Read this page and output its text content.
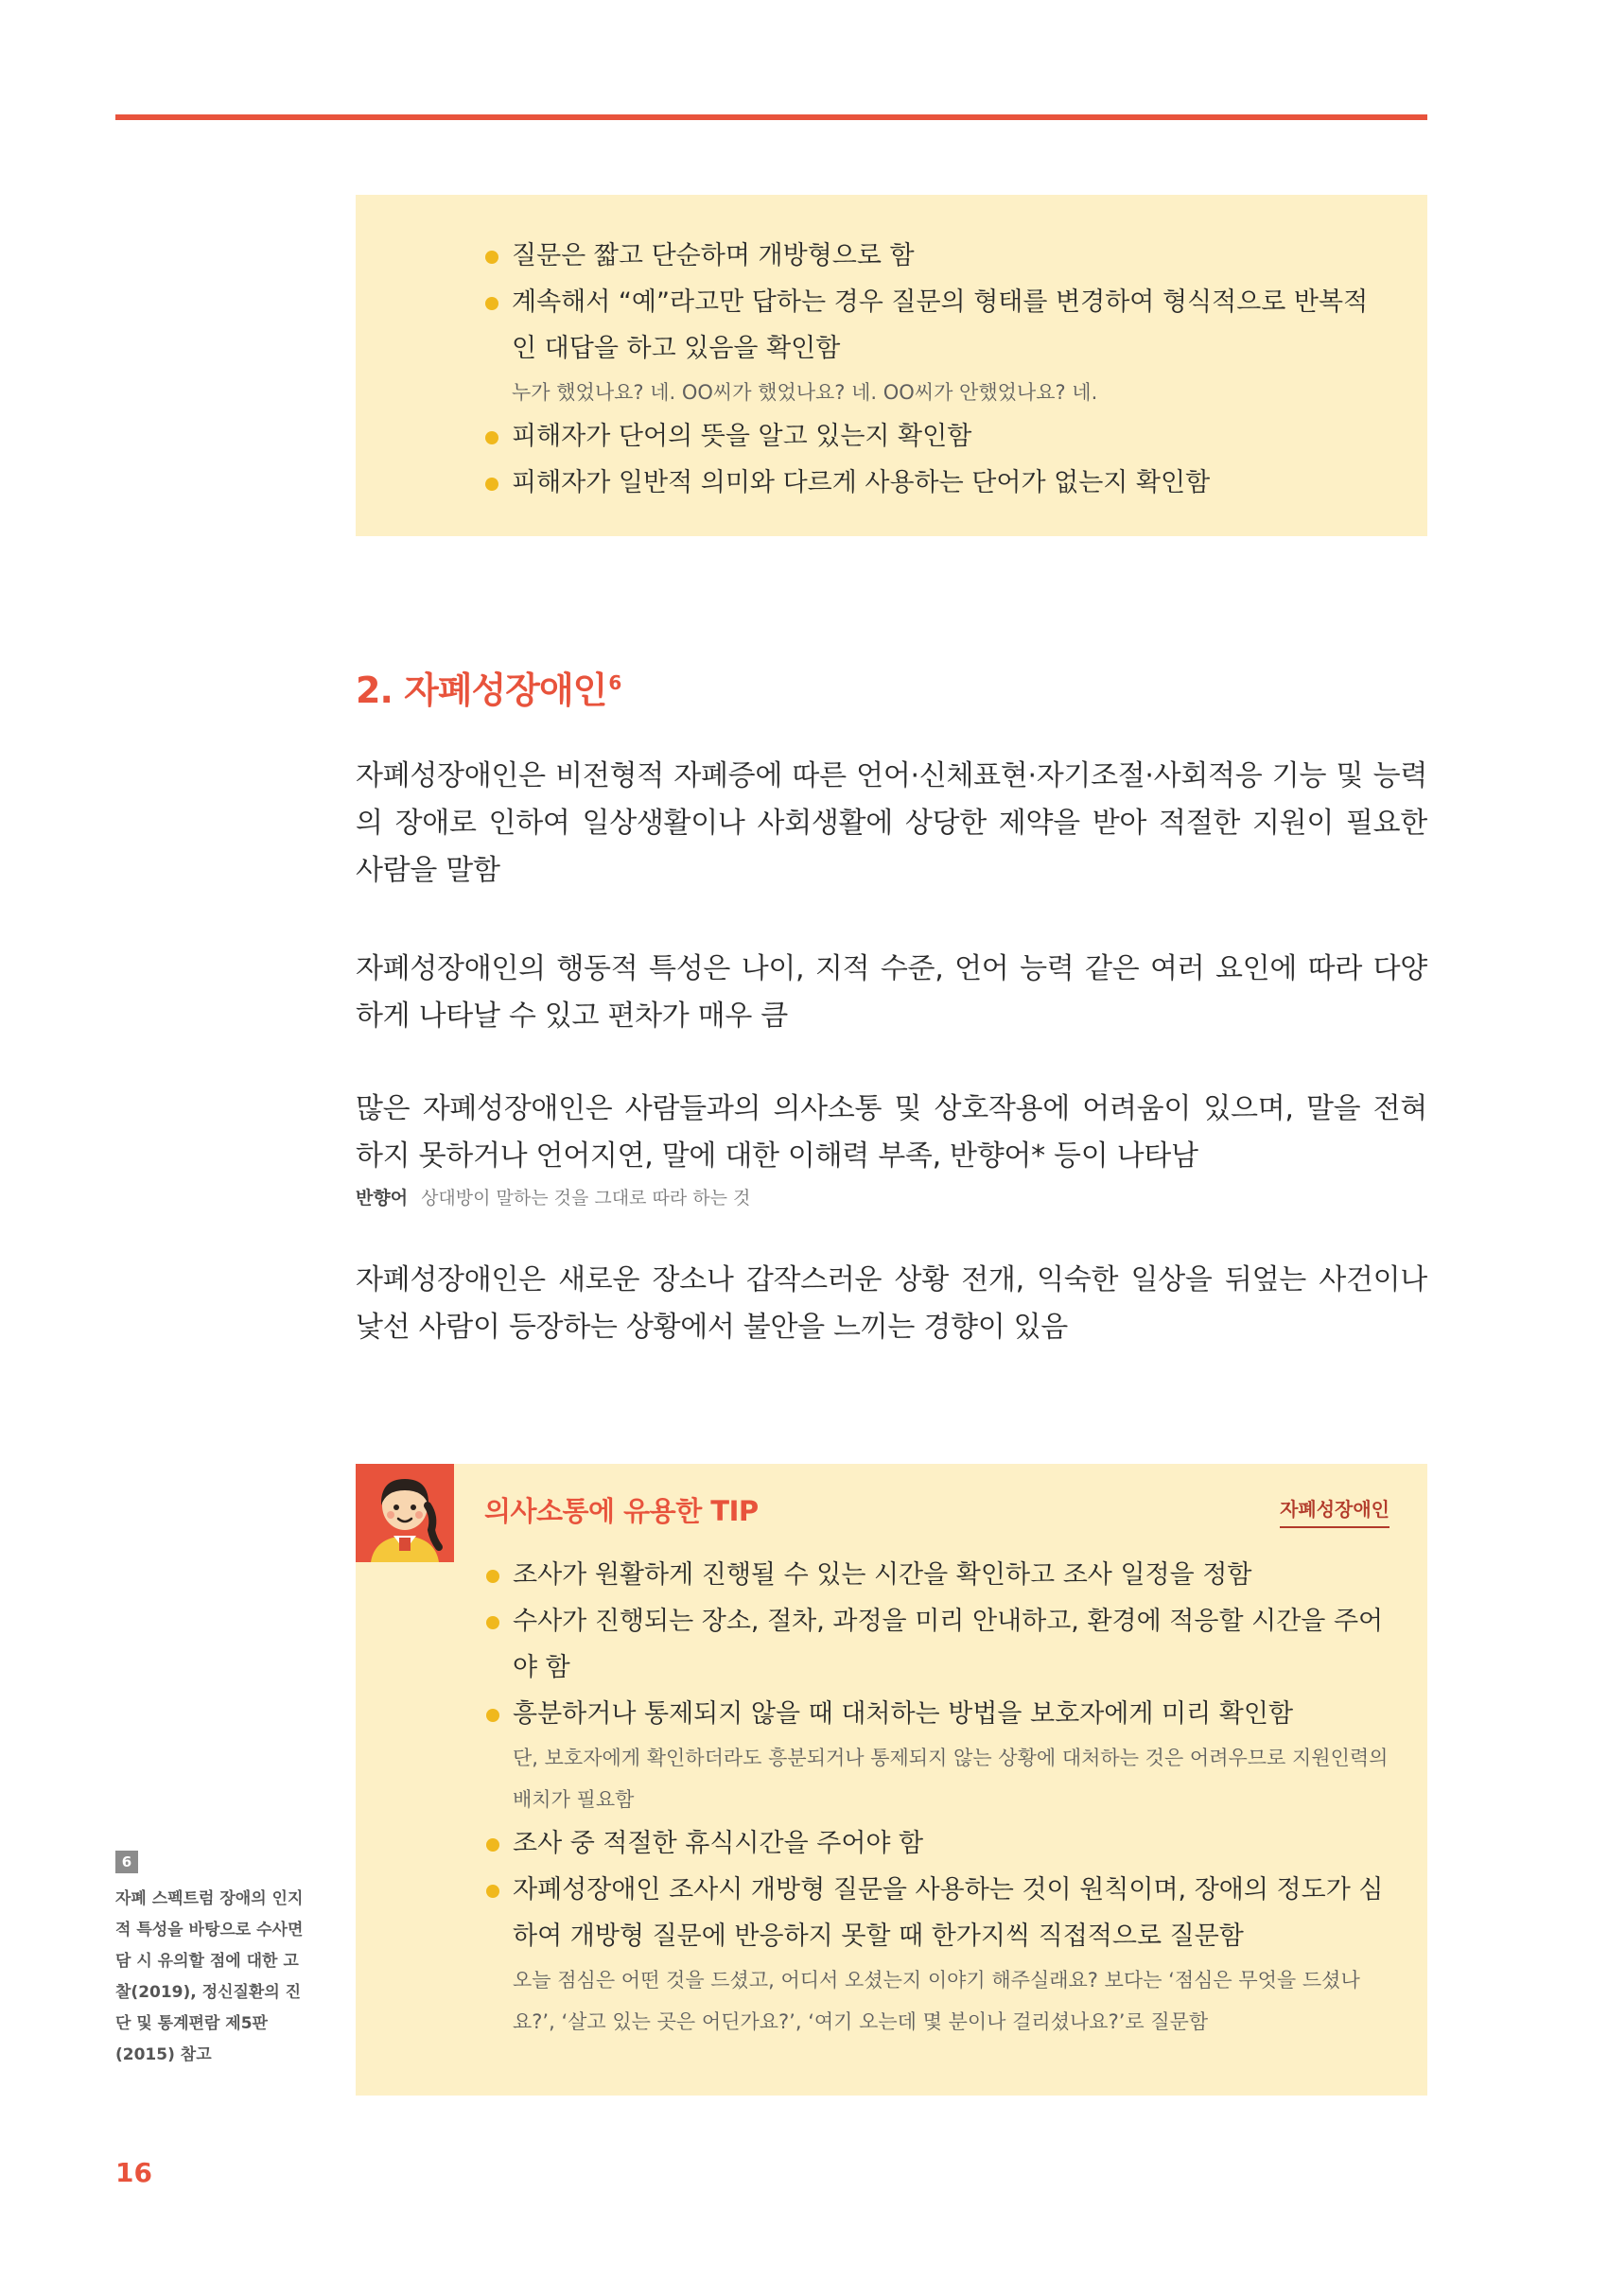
질문은 짧고 단순하며 개방형으로 함
계속해서 “예”라고만 답하는 경우 질문의 형태를 변경하여 형식적으로 반복적인 대답을 하고 있음을 확인함
누가 했었나요? 네. OO씨가 했었나요? 네. OO씨가 안했었나요? 네.
피해자가 단어의 뜻을 알고 있는지 확인함
피해자가 일반적 의미와 다르게 사용하는 단어가 없는지 확인함
2. 자폐성장애인 $^6$

자폐성장애인은 비전형적 자폐증에 따른 언어·신체표현·자기조절·사회적응 기능 및 능력의 장애로 인하여 일상생활이나 사회생활에 상당한 제약을 받아 적절한 지원이 필요한 사람을 말함

자폐성장애인의 행동적 특성은 나이, 지적 수준, 언어 능력 같은 여러 요인에 따라 다양하게 나타날 수 있고 편차가 매우 큼

많은 자폐성장애인은 사람들과의 의사소통 및 상호작용에 어려움이 있으며, 말을 전혀 하지 못하거나 언어지연, 말에 대한 이해력 부족, 반향어* 등이 나타남

반향어 상대방이 말하는 것을 그대로 따라 하는 것

자폐성장애인은 새로운 장소나 갑작스러운 상황 전개, 익숙한 일상을 뒤엎는 사건이나 낯선 사람이 등장하는 상황에서 불안을 느끼는 경향이 있음

의사소통에 유용한 TIP	자폐성장애인
조사가 원활하게 진행될 수 있는 시간을 확인하고 조사 일정을 정함
수사가 진행되는 장소, 절차, 과정을 미리 안내하고, 환경에 적응할 시간을 주어야 함
흥분하거나 통제되지 않을 때 대처하는 방법을 보호자에게 미리 확인함
단, 보호자에게 확인하더라도 흥분되거나 통제되지 않는 상황에 대처하는 것은 어려우므로 지원인력의 배치가 필요함
조사 중 적절한 휴식시간을 주어야 함
자폐성장애인 조사시 개방형 질문을 사용하는 것이 원칙이며, 장애의 정도가 심하여 개방형 질문에 반응하지 못할 때 한가지씩 직접적으로 질문함
오늘 점심은 어떤 것을 드셨고, 어디서 오셨는지 이야기 해주실래요? 보다는 ‘점심은 무엇을 드셨나요?’, ‘살고 있는 곳은 어딘가요?’, ‘여기 오는데 몇 분이나 걸리셨나요?’로 질문함
6
자폐 스펙트럼 장애의 인지적 특성을 바탕으로 수사면담 시 유의할 점에 대한 고찰(2019), 정신질환의 진단 및 통계편람 제5판(2015) 참고
16
